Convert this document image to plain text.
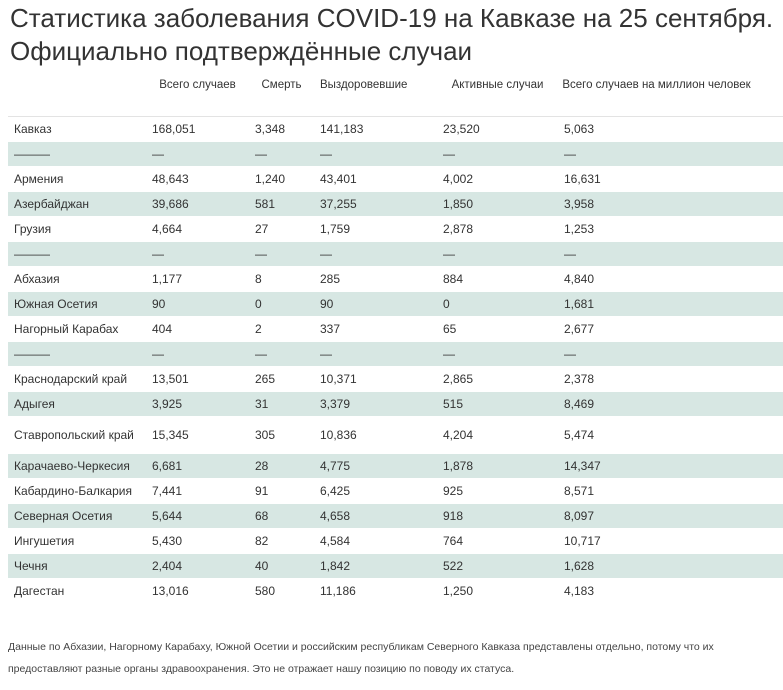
Статистика заболевания COVID-19 на Кавказе на 25 сентября. Официально подтверждённые случаи
	Всего случаев	Смерть	Выздоровевшие	Активные случаи	Всего случаев на миллион человек
Кавказ	168,051	3,348	141,183	23,520	5,063
———	—	—	—	—	—
Армения	48,643	1,240	43,401	4,002	16,631
Азербайджан	39,686	581	37,255	1,850	3,958
Грузия	4,664	27	1,759	2,878	1,253
———	—	—	—	—	—
Абхазия	1,177	8	285	884	4,840
Южная Осетия	90	0	90	0	1,681
Нагорный Карабах	404	2	337	65	2,677
———	—	—	—	—	—
Краснодарский край	13,501	265	10,371	2,865	2,378
Адыгея	3,925	31	3,379	515	8,469
Ставропольский край	15,345	305	10,836	4,204	5,474
Карачаево-Черкесия	6,681	28	4,775	1,878	14,347
Кабардино-Балкария	7,441	91	6,425	925	8,571
Северная Осетия	5,644	68	4,658	918	8,097
Ингушетия	5,430	82	4,584	764	10,717
Чечня	2,404	40	1,842	522	1,628
Дагестан	13,016	580	11,186	1,250	4,183

Данные по Абхазии, Нагорному Карабаху, Южной Осетии и российским республикам Северного Кавказа представлены отдельно, потому что их предоставляют разные органы здравоохранения. Это не отражает нашу позицию по поводу их статуса.
